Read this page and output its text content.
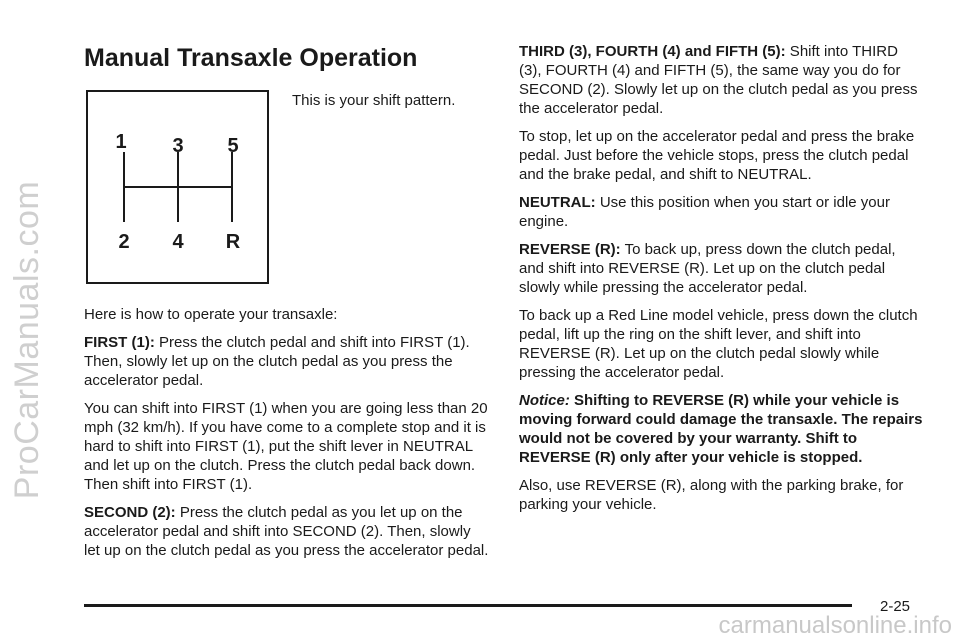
ProCarManuals.com
carmanualsonline.info
Manual Transaxle Operation
1 3 5
2 4 R
This is your shift pattern.

Here is how to operate your transaxle:

FIRST (1): Press the clutch pedal and shift into FIRST (1). Then, slowly let up on the clutch pedal as you press the accelerator pedal.

You can shift into FIRST (1) when you are going less than 20 mph (32 km/h). If you have come to a complete stop and it is hard to shift into FIRST (1), put the shift lever in NEUTRAL and let up on the clutch. Press the clutch pedal back down. Then shift into FIRST (1).

SECOND (2): Press the clutch pedal as you let up on the accelerator pedal and shift into SECOND (2). Then, slowly let up on the clutch pedal as you press the accelerator pedal.

THIRD (3), FOURTH (4) and FIFTH (5): Shift into THIRD (3), FOURTH (4) and FIFTH (5), the same way you do for SECOND (2). Slowly let up on the clutch pedal as you press the accelerator pedal.

To stop, let up on the accelerator pedal and press the brake pedal. Just before the vehicle stops, press the clutch pedal and the brake pedal, and shift to NEUTRAL.

NEUTRAL: Use this position when you start or idle your engine.

REVERSE (R): To back up, press down the clutch pedal, and shift into REVERSE (R). Let up on the clutch pedal slowly while pressing the accelerator pedal.

To back up a Red Line model vehicle, press down the clutch pedal, lift up the ring on the shift lever, and shift into REVERSE (R). Let up on the clutch pedal slowly while pressing the accelerator pedal.

Notice: Shifting to REVERSE (R) while your vehicle is moving forward could damage the transaxle. The repairs would not be covered by your warranty. Shift to REVERSE (R) only after your vehicle is stopped.

Also, use REVERSE (R), along with the parking brake, for parking your vehicle.

2-25
